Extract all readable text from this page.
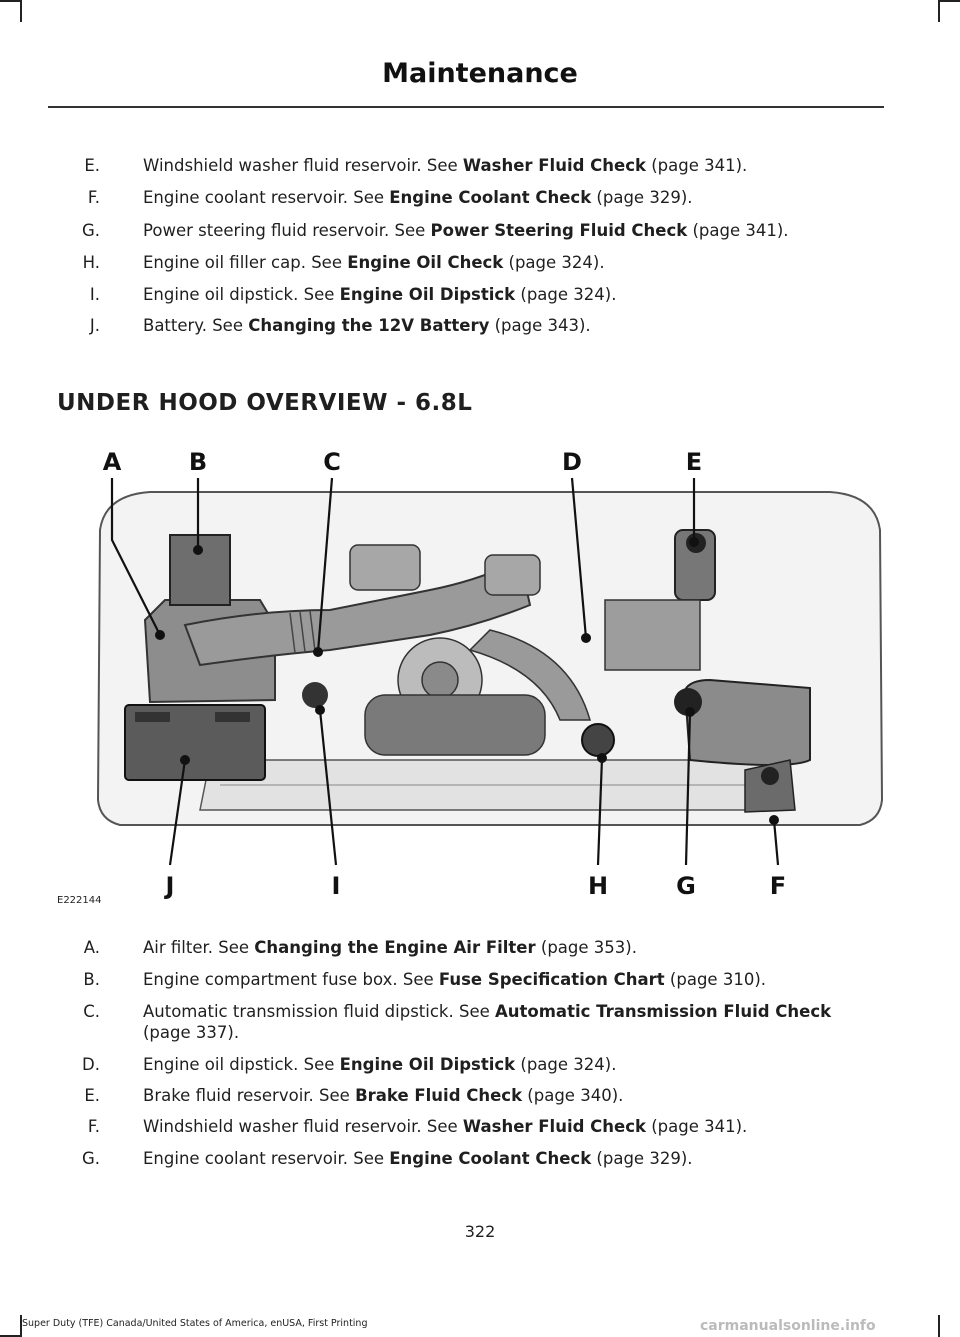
Maintenance
E.	Windshield washer fluid reservoir. See Washer Fluid Check (page 341).
F.	Engine coolant reservoir. See Engine Coolant Check (page 329).
G.	Power steering fluid reservoir. See Power Steering Fluid Check (page 341).
H.	Engine oil filler cap. See Engine Oil Check (page 324).
I.	Engine oil dipstick. See Engine Oil Dipstick (page 324).
J.	Battery. See Changing the 12V Battery (page 343).
UNDER HOOD OVERVIEW - 6.8L
A	B	C	D	E
J	I	H	G	F
E222144
A.	Air filter. See Changing the Engine Air Filter (page 353).
B.	Engine compartment fuse box. See Fuse Specification Chart (page 310).
C.	Automatic transmission fluid dipstick. See Automatic Transmission Fluid Check (page 337).
D.	Engine oil dipstick. See Engine Oil Dipstick (page 324).
E.	Brake fluid reservoir. See Brake Fluid Check (page 340).
F.	Windshield washer fluid reservoir. See Washer Fluid Check (page 341).
G.	Engine coolant reservoir. See Engine Coolant Check (page 329).
322
Super Duty (TFE) Canada/United States of America, enUSA, First Printing	carmanualsonline.info
